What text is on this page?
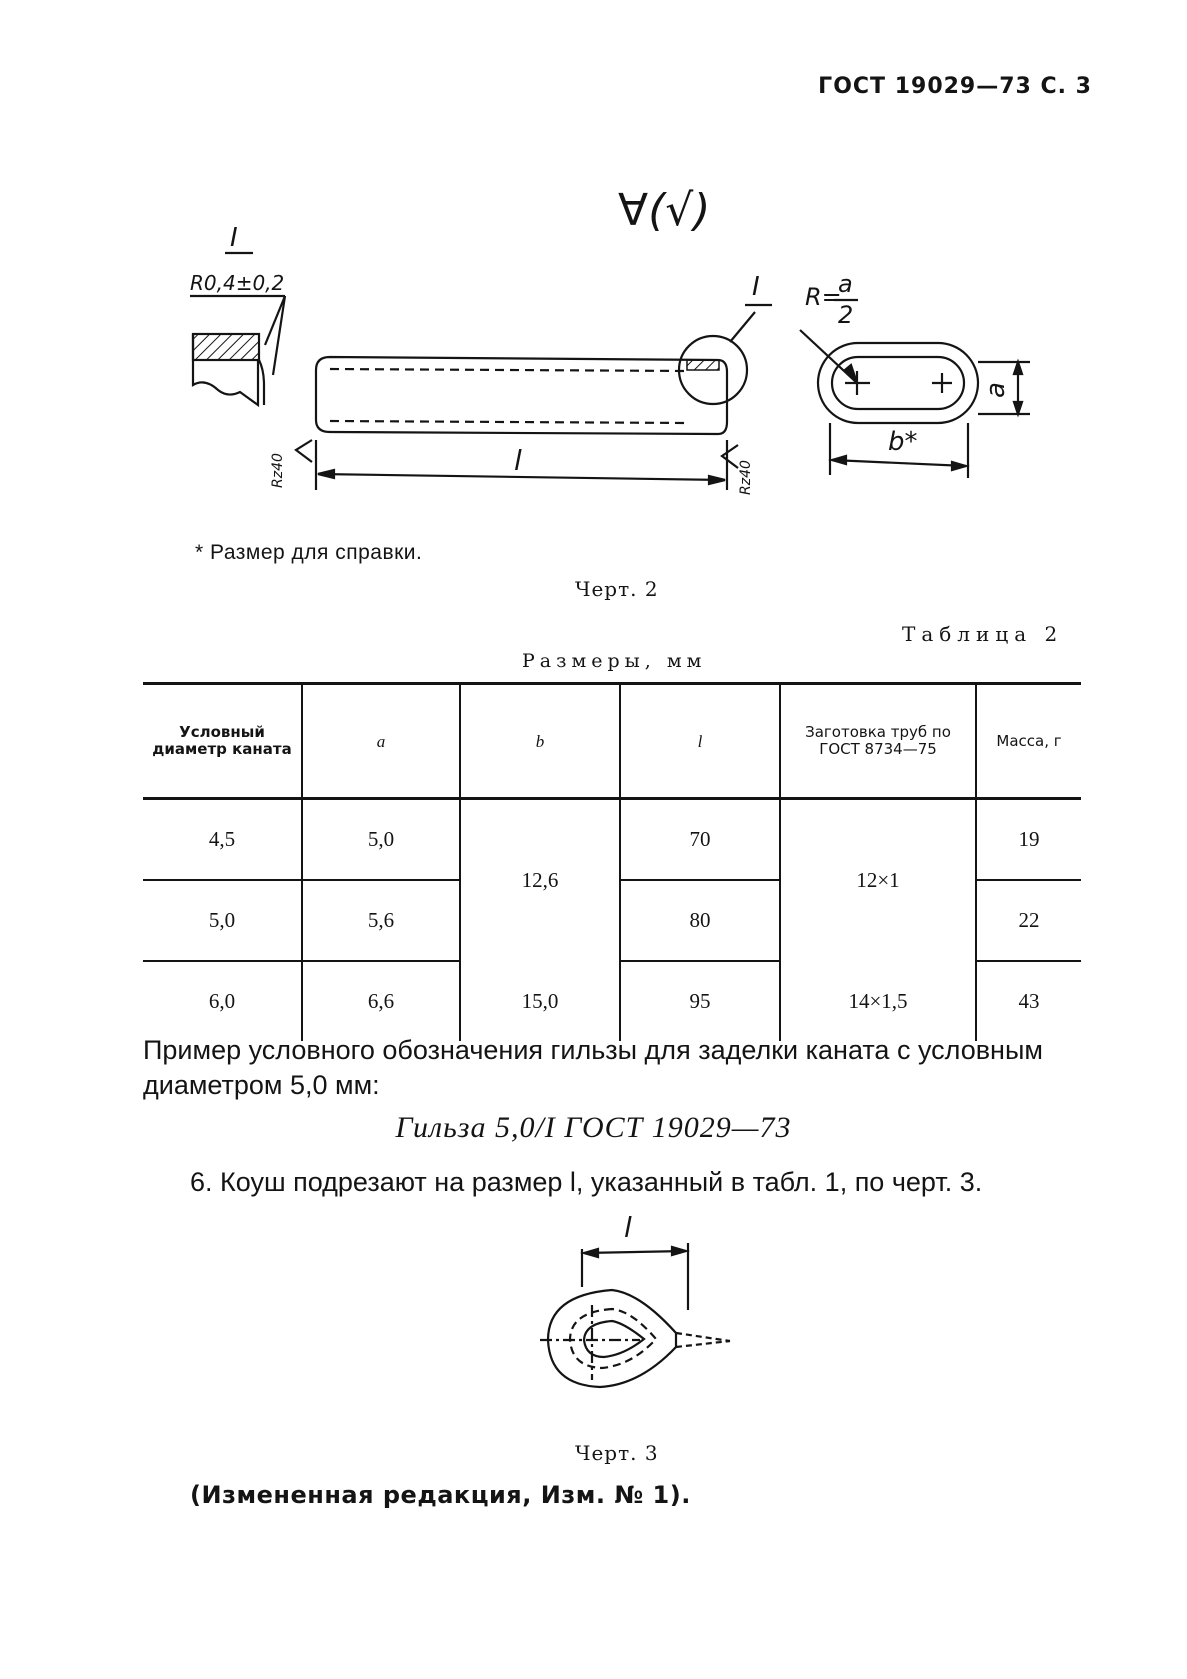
ГОСТ 19029—73 С. 3
∀(√)
I
R0,4±0,2	I
Rz40	Rz40
l
R=
a
2
a
b*
* Размер для справки.
Черт. 2
Таблица 2
Размеры, мм
Условный диаметр каната	a	b	l	Заготовка труб по ГОСТ 8734—75	Масса, г
4,5	5,0	12,6	70	12×1	19
5,0	5,6		80		22
6,0	6,6	15,0	95	14×1,5	43
Пример условного обозначения гильзы для заделки каната с условным диаметром 5,0 мм:
Гильза 5,0/I ГОСТ 19029—73
6. Коуш подрезают на размер l, указанный в табл. 1, по черт. 3.
l
Черт. 3
(Измененная редакция, Изм. № 1).
